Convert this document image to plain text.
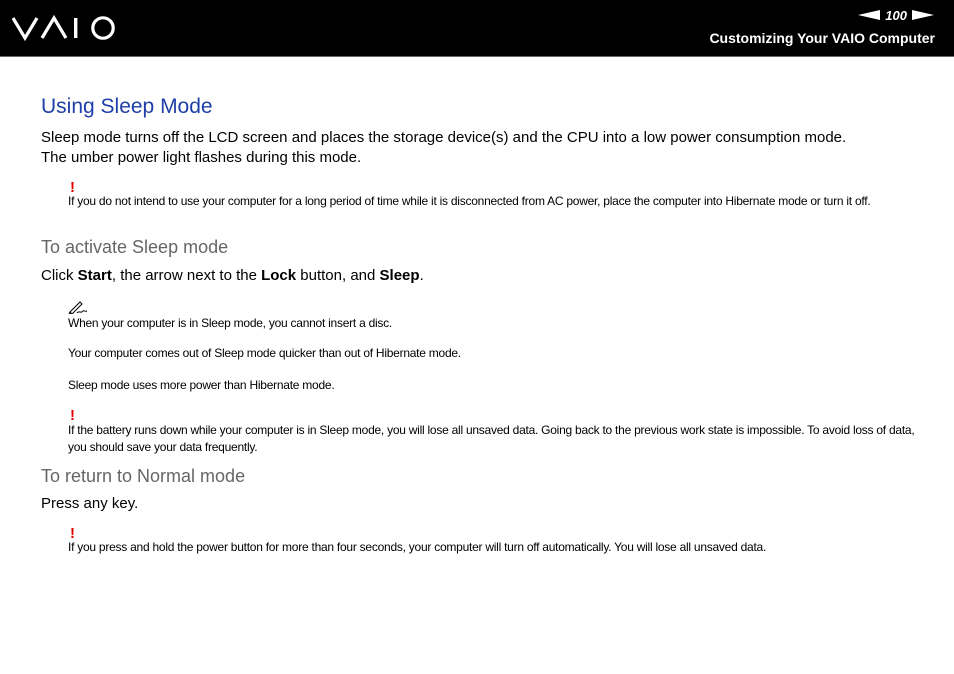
100
Customizing Your VAIO Computer
Using Sleep Mode
Sleep mode turns off the LCD screen and places the storage device(s) and the CPU into a low power consumption mode.
The umber power light flashes during this mode.
!
If you do not intend to use your computer for a long period of time while it is disconnected from AC power, place the computer into Hibernate mode or turn it off.
To activate Sleep mode
Click Start, the arrow next to the Lock button, and Sleep.
When your computer is in Sleep mode, you cannot insert a disc.
Your computer comes out of Sleep mode quicker than out of Hibernate mode.
Sleep mode uses more power than Hibernate mode.
!
If the battery runs down while your computer is in Sleep mode, you will lose all unsaved data. Going back to the previous work state is impossible. To avoid loss of data, you should save your data frequently.
To return to Normal mode
Press any key.
!
If you press and hold the power button for more than four seconds, your computer will turn off automatically. You will lose all unsaved data.
